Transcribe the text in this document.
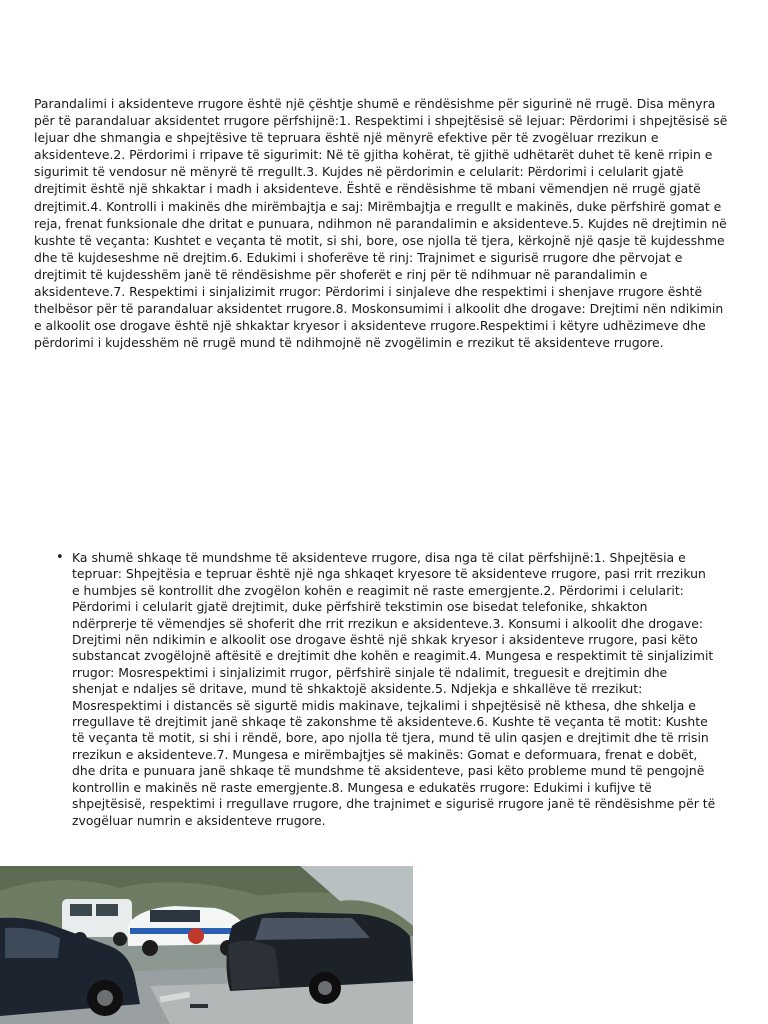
Parandalimi i aksidenteve rrugore është një çështje shumë e rëndësishme për sigurinë në rrugë. Disa mënyra për të parandaluar aksidentet rrugore përfshijnë:1. Respektimi i shpejtësisë së lejuar: Përdorimi i shpejtësisë së lejuar dhe shmangia e shpejtësive të tepruara është një mënyrë efektive për të zvogëluar rrezikun e aksidenteve.2. Përdorimi i rripave të sigurimit: Në të gjitha kohërat, të gjithë udhëtarët duhet të kenë rripin e sigurimit të vendosur në mënyrë të rregullt.3. Kujdes në përdorimin e celularit: Përdorimi i celularit gjatë drejtimit është një shkaktar i madh i aksidenteve. Është e rëndësishme të mbani vëmendjen në rrugë gjatë drejtimit.4. Kontrolli i makinës dhe mirëmbajtja e saj: Mirëmbajtja e rregullt e makinës, duke përfshirë gomat e reja, frenat funksionale dhe dritat e punuara, ndihmon në parandalimin e aksidenteve.5. Kujdes në drejtimin në kushte të veçanta: Kushtet e veçanta të motit, si shi, bore, ose njolla të tjera, kërkojnë një qasje të kujdesshme dhe të kujdeseshme në drejtim.6. Edukimi i shoferëve të rinj: Trajnimet e sigurisë rrugore dhe përvojat e drejtimit të kujdesshëm janë të rëndësishme për shoferët e rinj për të ndihmuar në parandalimin e aksidenteve.7. Respektimi i sinjalizimit rrugor: Përdorimi i sinjaleve dhe respektimi i shenjave rrugore është thelbësor për të parandaluar aksidentet rrugore.8. Moskonsumimi i alkoolit dhe drogave: Drejtimi nën ndikimin e alkoolit ose drogave është një shkaktar kryesor i aksidenteve rrugore.Respektimi i këtyre udhëzimeve dhe përdorimi i kujdesshëm në rrugë mund të ndihmojnë në zvogëlimin e rrezikut të aksidenteve rrugore.

• Ka shumë shkaqe të mundshme të aksidenteve rrugore, disa nga të cilat përfshijnë:1. Shpejtësia e tepruar: Shpejtësia e tepruar është një nga shkaqet kryesore të aksidenteve rrugore, pasi rrit rrezikun e humbjes së kontrollit dhe zvogëlon kohën e reagimit në raste emergjente.2. Përdorimi i celularit: Përdorimi i celularit gjatë drejtimit, duke përfshirë tekstimin ose bisedat telefonike, shkakton ndërprerje të vëmendjes së shoferit dhe rrit rrezikun e aksidenteve.3. Konsumi i alkoolit dhe drogave: Drejtimi nën ndikimin e alkoolit ose drogave është një shkak kryesor i aksidenteve rrugore, pasi këto substancat zvogëlojnë aftësitë e drejtimit dhe kohën e reagimit.4. Mungesa e respektimit të sinjalizimit rrugor: Mosrespektimi i sinjalizimit rrugor, përfshirë sinjale të ndalimit, treguesit e drejtimin dhe shenjat e ndaljes së dritave, mund të shkaktojë aksidente.5. Ndjekja e shkallëve të rrezikut: Mosrespektimi i distancës së sigurtë midis makinave, tejkalimi i shpejtësisë në kthesa, dhe shkelja e rregullave të drejtimit janë shkaqe të zakonshme të aksidenteve.6. Kushte të veçanta të motit: Kushte të veçanta të motit, si shi i rëndë, bore, apo njolla të tjera, mund të ulin qasjen e drejtimit dhe të rrisin rrezikun e aksidenteve.7. Mungesa e mirëmbajtjes së makinës: Gomat e deformuara, frenat e dobët, dhe drita e punuara janë shkaqe të mundshme të aksidenteve, pasi këto probleme mund të pengojnë kontrollin e makinës në raste emergjente.8. Mungesa e edukatës rrugore: Edukimi i kufijve të shpejtësisë, respektimi i rregullave rrugore, dhe trajnimet e sigurisë rrugore janë të rëndësishme për të zvogëluar numrin e aksidenteve rrugore.
